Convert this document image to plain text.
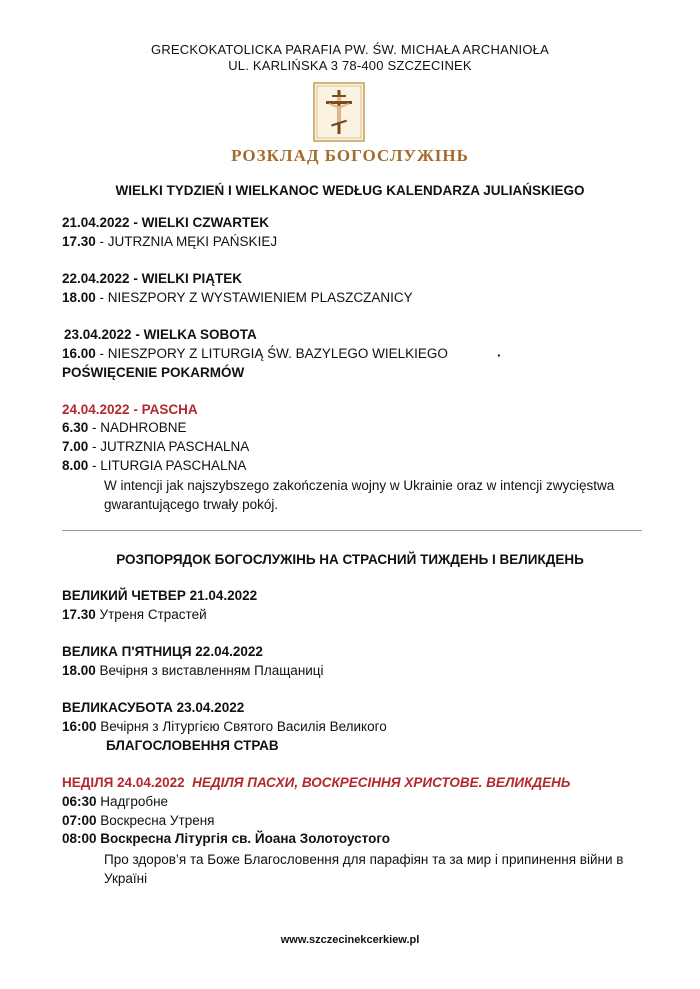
GRECKOKATOLICKA PARAFIA PW. ŚW. MICHAŁA ARCHANIOŁA
UL. KARLIŃSKA 3 78-400 SZCZECINEK
РОЗКЛАД БОГОСЛУЖІНЬ
WIELKI TYDZIEŃ I WIELKANOC WEDŁUG KALENDARZA JULIAŃSKIEGO
21.04.2022 - WIELKI CZWARTEK
17.30 - JUTRZNIA MĘKI PAŃSKIEJ
22.04.2022 - WIELKI PIĄTEK
18.00 - NIESZPORY Z WYSTAWIENIEM PLASZCZANICY
23.04.2022 - WIELKA SOBOTA
16.00 - NIESZPORY Z LITURGIĄ ŚW. BAZYLEGO WIELKIEGO	·
POŚWIĘCENIE POKARMÓW
24.04.2022 - PASCHA
6.30 - NADHROBNE
7.00 - JUTRZNIA PASCHALNA
8.00 - LITURGIA PASCHALNA
W intencji jak najszybszego zakończenia wojny w Ukrainie oraz w intencji zwycięstwa gwarantującego trwały pokój.
РОЗПОРЯДОК БОГОСЛУЖІНЬ НА СТРАСНИЙ ТИЖДЕНЬ І ВЕЛИКДЕНЬ
ВЕЛИКИЙ ЧЕТВЕР 21.04.2022
17.30 Утреня Страстей
ВЕЛИКА П'ЯТНИЦЯ 22.04.2022
18.00 Вечірня з виставленням Плащаниці
ВЕЛИКАСУБОТА 23.04.2022
16:00 Вечірня з Літургією Святого Василія Великого
БЛАГОСЛОВЕННЯ СТРАВ
НЕДІЛЯ 24.04.2022 НЕДІЛЯ ПАСХИ, ВОСКРЕСІННЯ ХРИСТОВЕ. ВЕЛИКДЕНЬ
06:30 Надгробне
07:00 Воскресна Утреня
08:00 Воскресна Літургія св. Йоана Золотоустого
Про здоров’я та Боже Благословення для парафіян та за мир і припинення війни в Україні
www.szczecinekcerkiew.pl
